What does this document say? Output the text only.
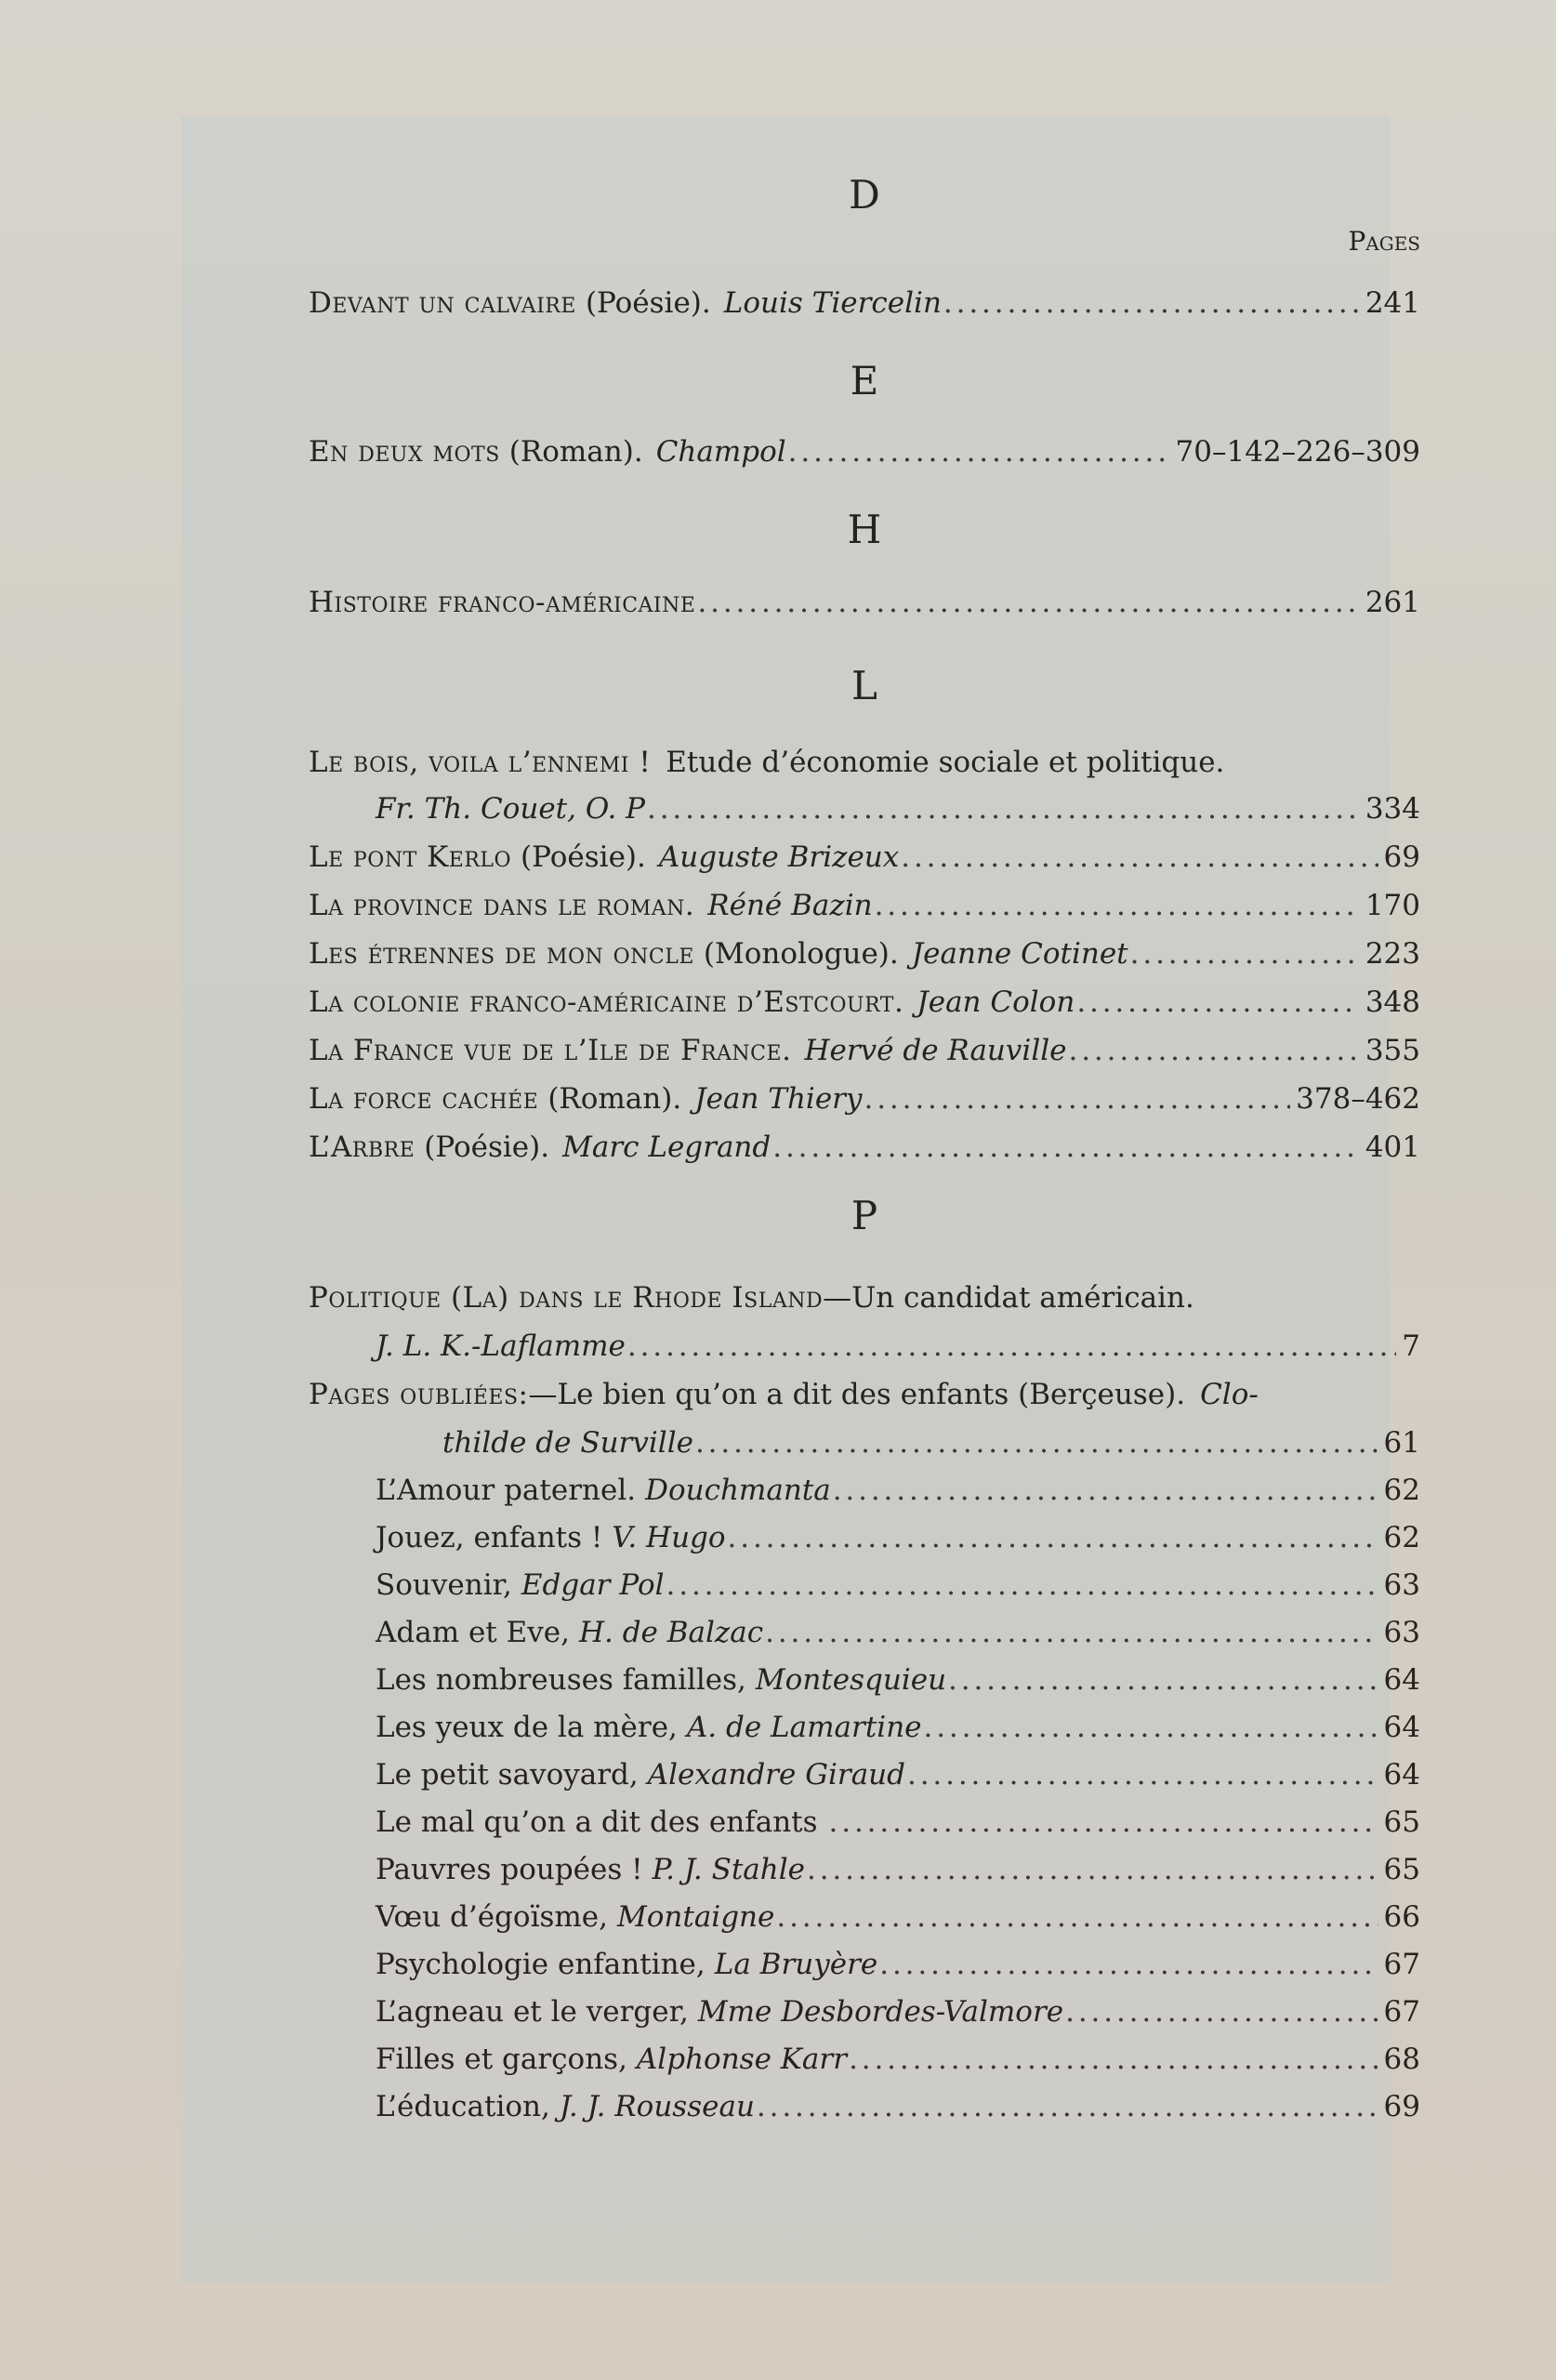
D
Pages
Devant un calvaire (Poésie). Louis Tiercelin . . .	241
E
En deux mots (Roman). Champol . . .	70–142–226–309
H
Histoire franco-américaine . . .	261
L
Le bois, voila l’ennemi ! Etude d’économie sociale et politique.
Fr. Th. Couet, O. P . . .	334
Le pont Kerlo (Poésie). Auguste Brizeux . . .	69
La province dans le roman. Réné Bazin . . .	170
Les étrennes de mon oncle (Monologue). Jeanne Cotinet . . .	223
La colonie franco-américaine d’Estcourt. Jean Colon . . .	348
La France vue de l’Ile de France. Hervé de Rauville . . .	355
La force cachée (Roman). Jean Thiery . . .	378–462
L’Arbre (Poésie). Marc Legrand . . .	401
P
Politique (La) dans le Rhode Island —Un candidat américain.
J. L. K.-Laflamme . . .	7
Pages oubliées: —Le bien qu’on a dit des enfants (Berçeuse). Clo-
thilde de Surville . . .	61
L’Amour paternel. Douchmanta . . .	62
Jouez, enfants ! V. Hugo . . .	62
Souvenir, Edgar Pol . . .	63
Adam et Eve, H. de Balzac . . .	63
Les nombreuses familles, Montesquieu . . .	64
Les yeux de la mère, A. de Lamartine . . .	64
Le petit savoyard, Alexandre Giraud . . .	64
Le mal qu’on a dit des enfants . . .	65
Pauvres poupées ! P. J. Stahle . . .	65
Vœu d’égoïsme, Montaigne . . .	66
Psychologie enfantine, La Bruyère . . .	67
L’agneau et le verger, Mme Desbordes-Valmore . . .	67
Filles et garçons, Alphonse Karr . . .	68
L’éducation, J. J. Rousseau . . .	69
